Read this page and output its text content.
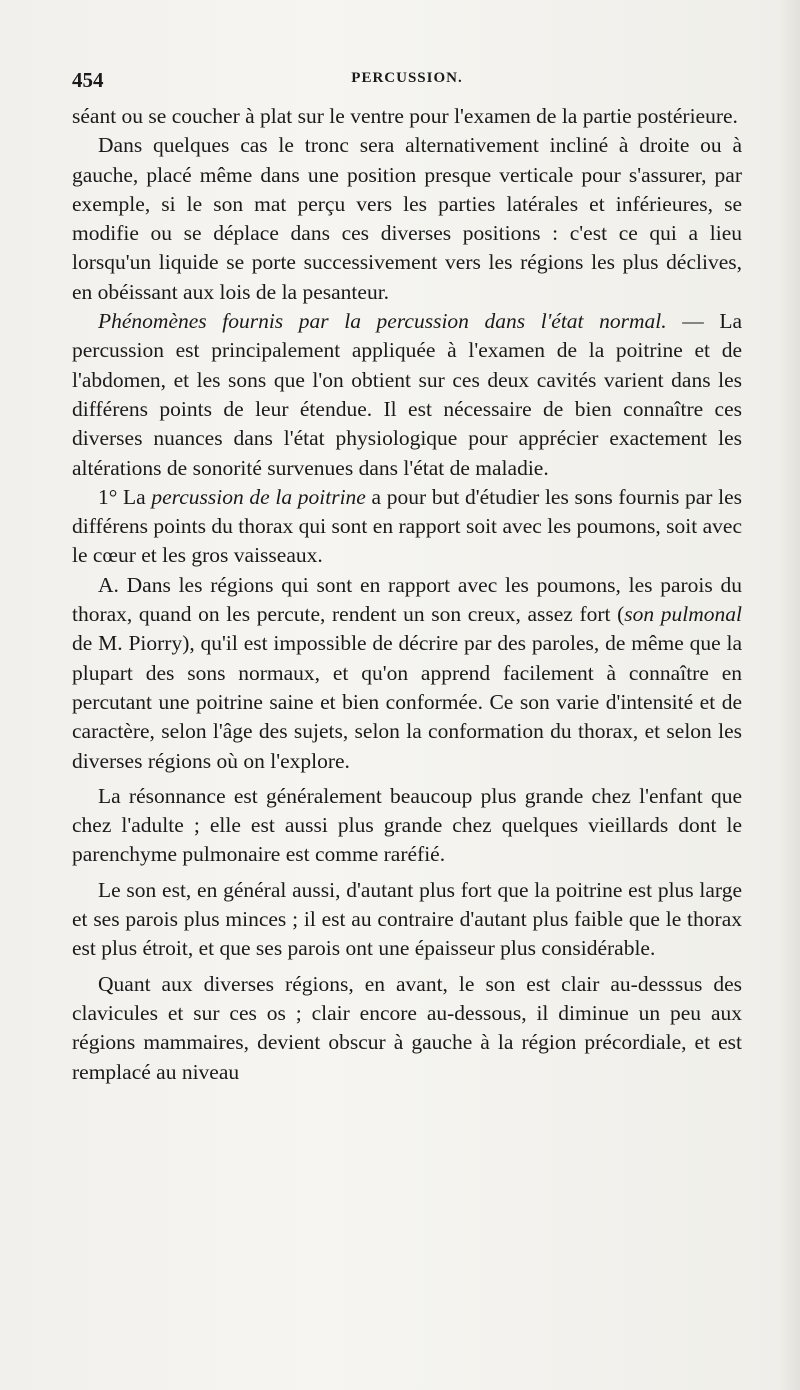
454	PERCUSSION.

séant ou se coucher à plat sur le ventre pour l'examen de la partie postérieure.

Dans quelques cas le tronc sera alternativement incliné à droite ou à gauche, placé même dans une position presque verticale pour s'assurer, par exemple, si le son mat perçu vers les parties latérales et inférieures, se modifie ou se déplace dans ces diverses positions : c'est ce qui a lieu lorsqu'un liquide se porte successivement vers les régions les plus déclives, en obéissant aux lois de la pesanteur.

Phénomènes fournis par la percussion dans l'état normal. — La percussion est principalement appliquée à l'examen de la poitrine et de l'abdomen, et les sons que l'on obtient sur ces deux cavités varient dans les différens points de leur étendue. Il est nécessaire de bien connaître ces diverses nuances dans l'état physiologique pour apprécier exactement les altérations de sonorité survenues dans l'état de maladie.

1° La percussion de la poitrine a pour but d'étudier les sons fournis par les différens points du thorax qui sont en rapport soit avec les poumons, soit avec le cœur et les gros vaisseaux.

A. Dans les régions qui sont en rapport avec les poumons, les parois du thorax, quand on les percute, rendent un son creux, assez fort (son pulmonal de M. Piorry), qu'il est impossible de décrire par des paroles, de même que la plupart des sons normaux, et qu'on apprend facilement à connaître en percutant une poitrine saine et bien conformée. Ce son varie d'intensité et de caractère, selon l'âge des sujets, selon la conformation du thorax, et selon les diverses régions où on l'explore.

La résonnance est généralement beaucoup plus grande chez l'enfant que chez l'adulte ; elle est aussi plus grande chez quelques vieillards dont le parenchyme pulmonaire est comme raréfié.

Le son est, en général aussi, d'autant plus fort que la poitrine est plus large et ses parois plus minces ; il est au contraire d'autant plus faible que le thorax est plus étroit, et que ses parois ont une épaisseur plus considérable.

Quant aux diverses régions, en avant, le son est clair au-desssus des clavicules et sur ces os ; clair encore au-dessous, il diminue un peu aux régions mammaires, devient obscur à gauche à la région précordiale, et est remplacé au niveau
